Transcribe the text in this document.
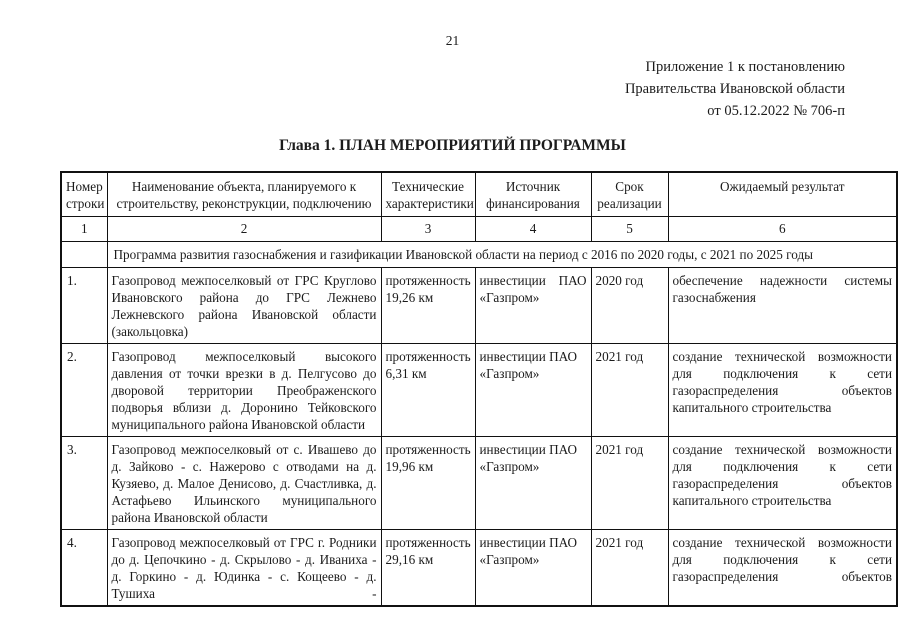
21
Приложение 1 к постановлению
Правительства Ивановской области
от 05.12.2022 № 706-п
Глава 1. ПЛАН МЕРОПРИЯТИЙ ПРОГРАММЫ
Номер строки	Наименование объекта, планируемого к строительству, реконструкции, подключению	Технические характеристики	Источник финансирования	Срок реализации	Ожидаемый результат
1	2	3	4	5	6
	Программа развития газоснабжения и газификации Ивановской области на период с 2016 по 2020 годы, с 2021 по 2025 годы				
1.	Газопровод межпоселковый от ГРС Круглово Ивановского района до ГРС Лежнево Лежневского района Ивановской области (закольцовка)	протяженность 19,26 км	инвестиции ПАО «Газпром»	2020 год	обеспечение надежности системы газоснабжения
2.	Газопровод межпоселковый высокого давления от точки врезки в д. Пелгусово до дворовой территории Преображенского подворья вблизи д. Доронино Тейковского муниципального района Ивановской области	протяженность 6,31 км	инвестиции ПАО «Газпром»	2021 год	создание технической возможности для подключения к сети газораспределения объектов капитального строительства
3.	Газопровод межпоселковый от с. Ивашево до д. Зайково - с. Нажерово с отводами на д. Кузяево, д. Малое Денисово, д. Счастливка, д. Астафьево Ильинского муниципального района Ивановской области	протяженность 19,96 км	инвестиции ПАО «Газпром»	2021 год	создание технической возможности для подключения к сети газораспределения объектов капитального строительства
4.	Газопровод межпоселковый от ГРС г. Родники до д. Цепочкино - д. Скрылово - д. Иваниха - д. Горкино - д. Юдинка - с. Кощеево - д. Тушиха -	протяженность 29,16 км	инвестиции ПАО «Газпром»	2021 год	создание технической возможности для подключения к сети газораспределения объектов
